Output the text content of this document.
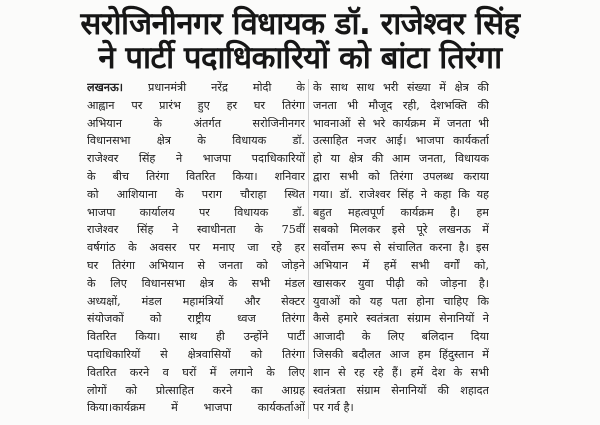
सरोजिनीनगर विधायक डॉ. राजेश्वर सिंह
ने पार्टी पदाधिकारियों को बांटा तिरंगा
लखनऊ। प्रधानमंत्री नरेंद्र मोदी के
आह्वान पर प्रारंभ हुए हर घर तिरंगा
अभियान के अंतर्गत सरोजिनीनगर
विधानसभा क्षेत्र के विधायक डॉ.
राजेश्वर सिंह ने भाजपा पदाधिकारियों
के बीच तिरंगा वितरित किया। शनिवार
को आशियाना के पराग चौराहा स्थित
भाजपा कार्यालय पर विधायक डॉ.
राजेश्वर सिंह ने स्वाधीनता के 75वीं
वर्षगांठ के अवसर पर मनाए जा रहे हर
घर तिरंगा अभियान से जनता को जोड़ने
के लिए विधानसभा क्षेत्र के सभी मंडल
अध्यक्षों, मंडल महामंत्रियों और सेक्टर
संयोजकों को राष्ट्रीय ध्वज तिरंगा
वितरित किया। साथ ही उन्होंने पार्टी
पदाधिकारियों से क्षेत्रवासियों को तिरंगा
वितरित करने व घरों में लगाने के लिए
लोगों को प्रोत्साहित करने का आग्रह
किया।कार्यक्रम में भाजपा कार्यकर्ताओं
के साथ साथ भरी संख्या में क्षेत्र की
जनता भी मौजूद रही, देशभक्ति की
भावनाओं से भरे कार्यक्रम में जनता भी
उत्साहित नजर आई। भाजपा कार्यकर्ता
हो या क्षेत्र की आम जनता, विधायक
द्वारा सभी को तिरंगा उपलब्ध कराया
गया। डॉ. राजेश्वर सिंह ने कहा कि यह
बहुत महत्वपूर्ण कार्यक्रम है। हम
सबको मिलकर इसे पूरे लखनऊ में
सर्वोत्तम रूप से संचालित करना है। इस
अभियान में हमें सभी वर्गों को,
खासकर युवा पीढ़ी को जोड़ना है।
युवाओं को यह पता होना चाहिए कि
कैसे हमारे स्वतंत्रता संग्राम सेनानियों ने
आजादी के लिए बलिदान दिया
जिसकी बदौलत आज हम हिंदुस्तान में
शान से रह रहे हैं। हमें देश के सभी
स्वतंत्रता संग्राम सेनानियों की शहादत
पर गर्व है।
